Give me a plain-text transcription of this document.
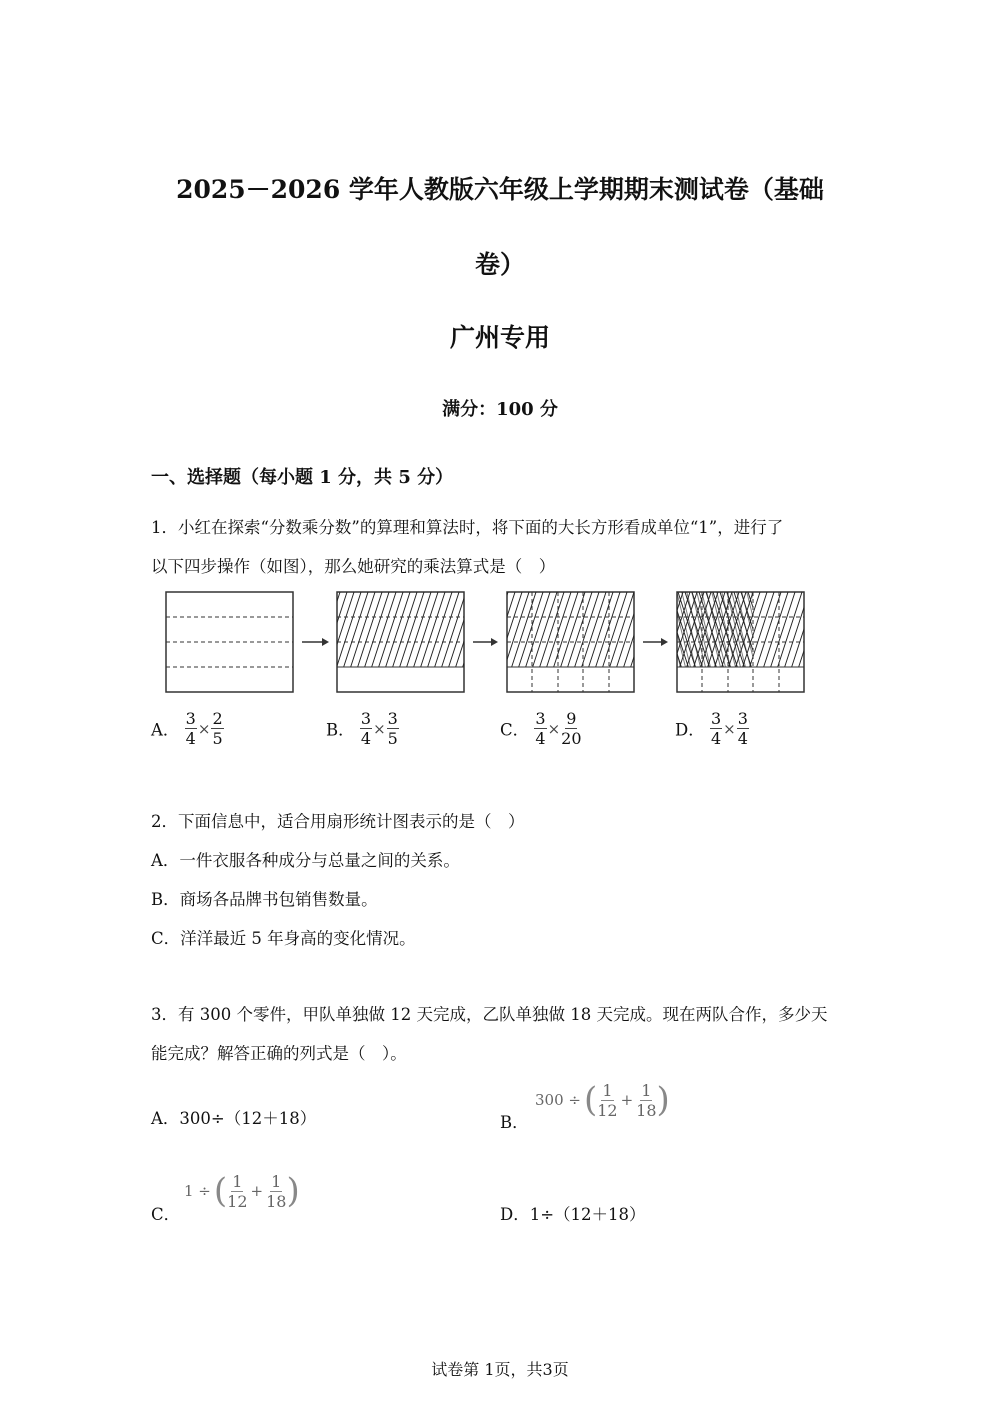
2025－2026 学年人教版六年级上学期期末测试卷（基础
卷）
广州专用
满分：100 分
一、选择题（每小题 1 分，共 5 分）
1．小红在探索“分数乘分数”的算理和算法时，将下面的大长方形看成单位“1”，进行了
以下四步操作（如图），那么她研究的乘法算式是（　）
A． $\frac{3}{4} \times \frac{2}{5}$	B． $\frac{3}{4} \times \frac{3}{5}$	C． $\frac{3}{4} \times \frac{9}{20}$	D． $\frac{3}{4} \times \frac{3}{4}$
2．下面信息中，适合用扇形统计图表示的是（　）
A．一件衣服各种成分与总量之间的关系。
B．商场各品牌书包销售数量。
C．洋洋最近 5 年身高的变化情况。
3．有 300 个零件，甲队单独做 12 天完成，乙队单独做 18 天完成。现在两队合作，多少天
能完成？解答正确的列式是（　）。
A．300÷（12＋18）	B．
300 ÷( $\frac{1}{12} + \frac{1}{18}$ )
C．
1 ÷( $\frac{1}{12} + \frac{1}{18}$ )
D．1÷（12＋18）
试卷第 1页，共3页
